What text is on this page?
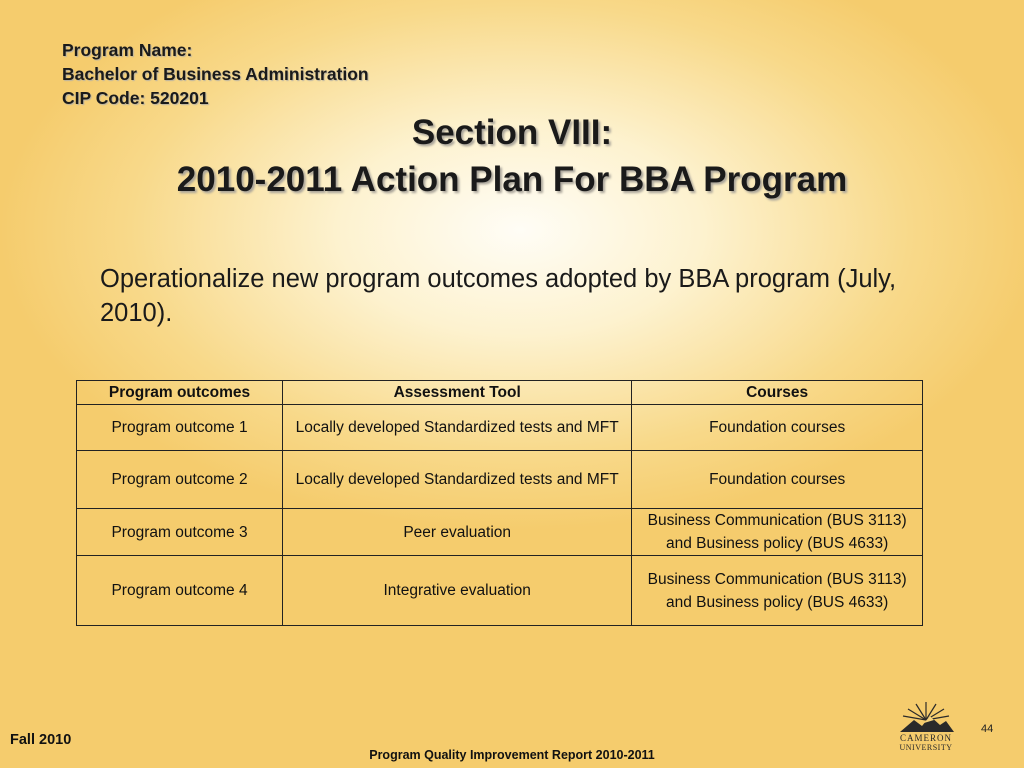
Program Name:
Bachelor of Business Administration
CIP Code: 520201
Section VIII:
2010-2011 Action Plan For BBA Program
Operationalize new program outcomes adopted by BBA program (July, 2010).
Program outcomes	Assessment Tool	Courses
Program outcome 1	Locally developed Standardized tests and MFT	Foundation courses
Program outcome 2	Locally developed Standardized tests and MFT	Foundation courses
Program outcome 3	Peer evaluation	Business Communication (BUS 3113) and Business policy (BUS 4633)
Program outcome 4	Integrative evaluation	Business Communication (BUS 3113) and Business policy (BUS 4633)
Fall 2010
Program Quality Improvement Report 2010-2011
44
CAMERON
UNIVERSITY
